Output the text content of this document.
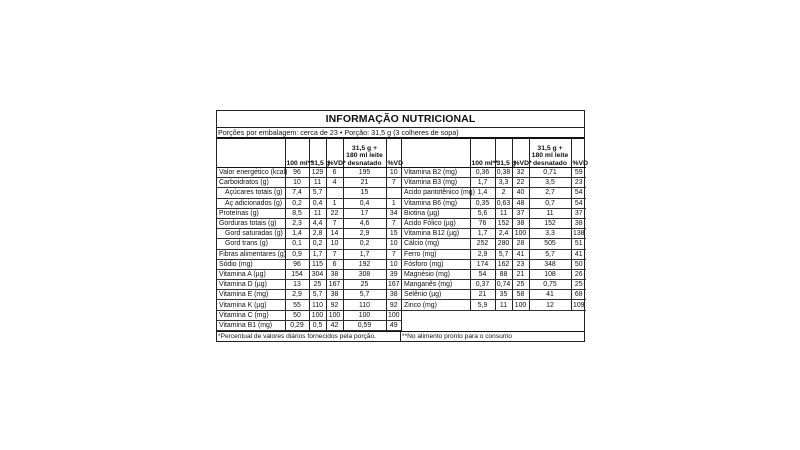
INFORMAÇÃO NUTRICIONAL
Porções por embalagem: cerca de 23 • Porção: 31,5 g (3 colheres de sopa)
	100 ml**	31,5 g	%VD*	31,5 g +
180 ml leite
desnatado	%VD
Valor energético (kcal)	96	129	6	195	10
Carboidratos (g)	10	11	4	21	7
Açúcares totais (g)	7,4	5,7		15	
Aç adicionados (g)	0,2	0,4	1	0,4	1
Proteínas (g)	8,5	11	22	17	34
Gorduras totais (g)	2,3	4,4	7	4,6	7
Gord saturadas (g)	1,4	2,8	14	2,9	15
Gord trans (g)	0,1	0,2	10	0,2	10
Fibras alimentares (g)	0,9	1,7	7	1,7	7
Sódio (mg)	96	115	6	192	10
Vitamina A (µg)	154	304	38	308	39
Vitamina D (µg)	13	25	167	25	167
Vitamina E (mg)	2,9	5,7	38	5,7	38
Vitamina K (µg)	55	110	92	110	92
Vitamina C (mg)	50	100	100	100	100
Vitamina B1 (mg)	0,29	0,5	42	0,59	49
	100 ml**	31,5 g	%VD*	31,5 g +
180 ml leite
desnatado	%VD
Vitamina B2 (mg)	0,36	0,38	32	0,71	59
Vitamina B3 (mg)	1,7	3,3	22	3,5	23
Ácido pantotênico (mg)	1,4	2	40	2,7	54
Vitamina B6 (mg)	0,35	0,63	48	0,7	54
Biotina (µg)	5,6	11	37	11	37
Ácido Fólico (µg)	76	152	38	152	38
Vitamina B12 (µg)	1,7	2,4	100	3,3	138
Cálcio (mg)	252	280	28	505	51
Ferro (mg)	2,9	5,7	41	5,7	41
Fósforo (mg)	174	162	23	348	50
Magnésio (mg)	54	88	21	108	26
Manganês (mg)	0,37	0,74	25	0,75	25
Selênio (µg)	21	35	58	41	68
Zinco (mg)	5,9	11	100	12	109
*Percentual de valores diários fornecidos pela porção.	**No alimento pronto para o consumo
